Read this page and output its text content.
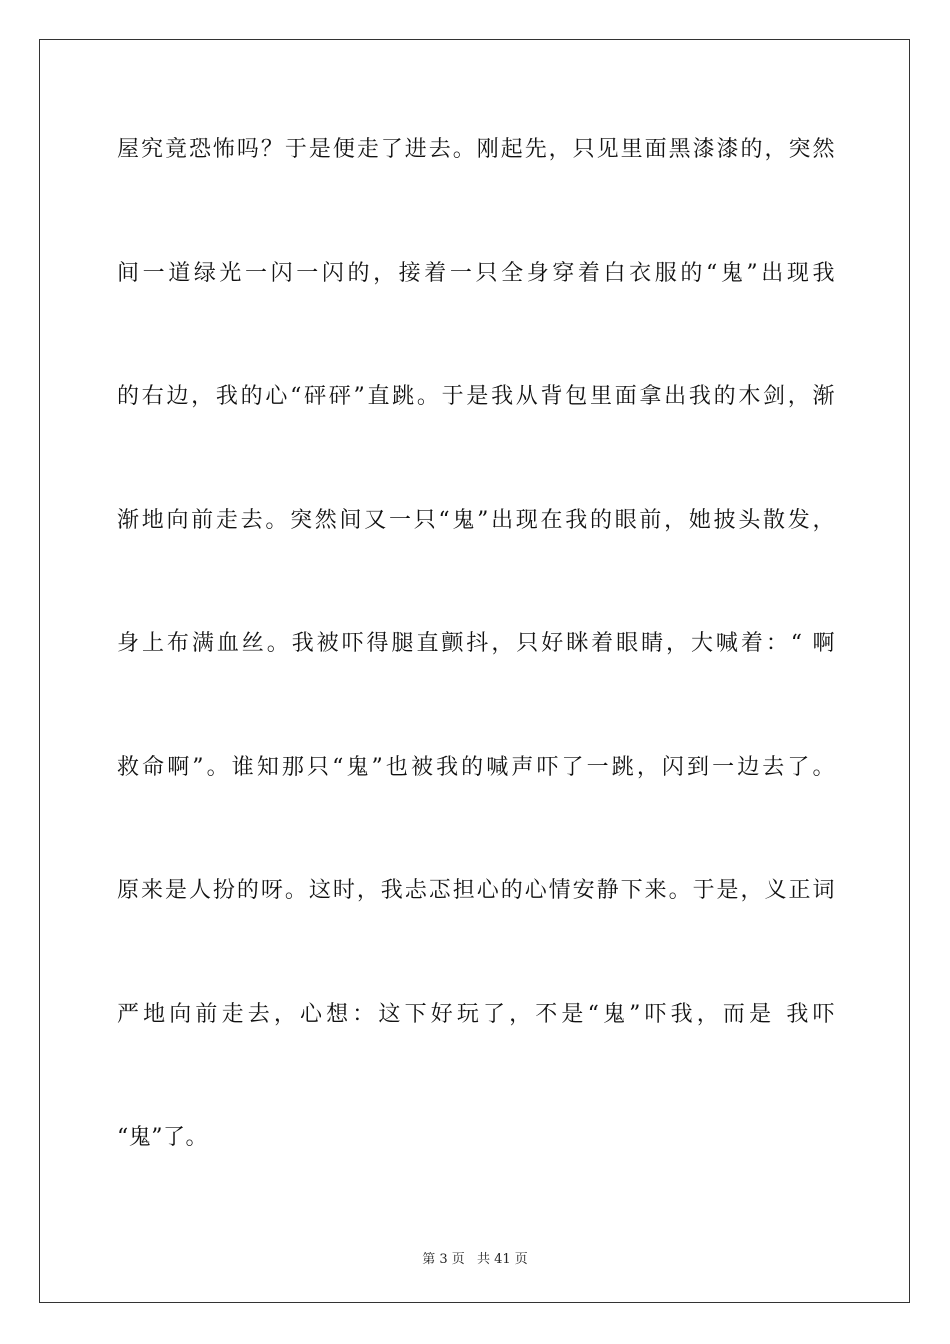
屋究竟恐怖吗？于是便走了进去。刚起先，只见里面黑漆漆的，突然
间一道绿光一闪一闪的，接着一只全身穿着白衣服的“鬼”出现我
的右边，我的心“砰砰”直跳。于是我从背包里面拿出我的木剑，渐
渐地向前走去。突然间又一只“鬼”出现在我的眼前，她披头散发，
身上布满血丝。我被吓得腿直颤抖，只好眯着眼睛，大喊着：“ 啊
救命啊”。谁知那只“鬼”也被我的喊声吓了一跳，闪到一边去了。
原来是人扮的呀。这时，我忐忑担心的心情安静下来。于是，义正词
严地向前走去，心想：这下好玩了，不是“鬼”吓我，而是 我吓
“鬼”了。
第 3 页 共 41 页
